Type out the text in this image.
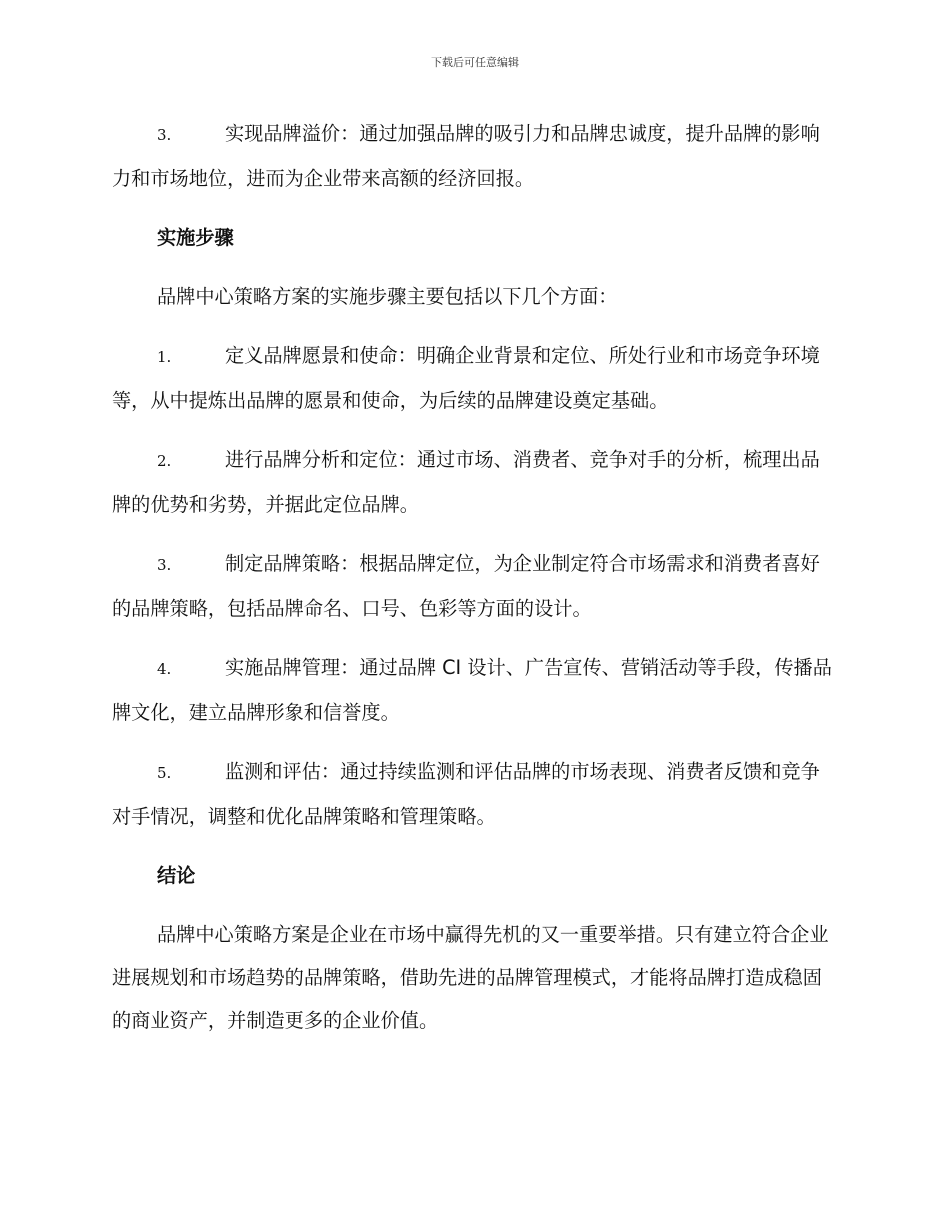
下载后可任意编辑

3.	实现品牌溢价：通过加强品牌的吸引力和品牌忠诚度，提升品牌的影响力和市场地位，进而为企业带来高额的经济回报。

实施步骤

品牌中心策略方案的实施步骤主要包括以下几个方面：

1.	定义品牌愿景和使命：明确企业背景和定位、所处行业和市场竞争环境等，从中提炼出品牌的愿景和使命，为后续的品牌建设奠定基础。

2.	进行品牌分析和定位：通过市场、消费者、竞争对手的分析，梳理出品牌的优势和劣势，并据此定位品牌。

3.	制定品牌策略：根据品牌定位，为企业制定符合市场需求和消费者喜好的品牌策略，包括品牌命名、口号、色彩等方面的设计。

4.	实施品牌管理：通过品牌 CI 设计、广告宣传、营销活动等手段，传播品牌文化，建立品牌形象和信誉度。

5.	监测和评估：通过持续监测和评估品牌的市场表现、消费者反馈和竞争对手情况，调整和优化品牌策略和管理策略。

结论

品牌中心策略方案是企业在市场中赢得先机的又一重要举措。只有建立符合企业进展规划和市场趋势的品牌策略，借助先进的品牌管理模式，才能将品牌打造成稳固的商业资产，并制造更多的企业价值。
